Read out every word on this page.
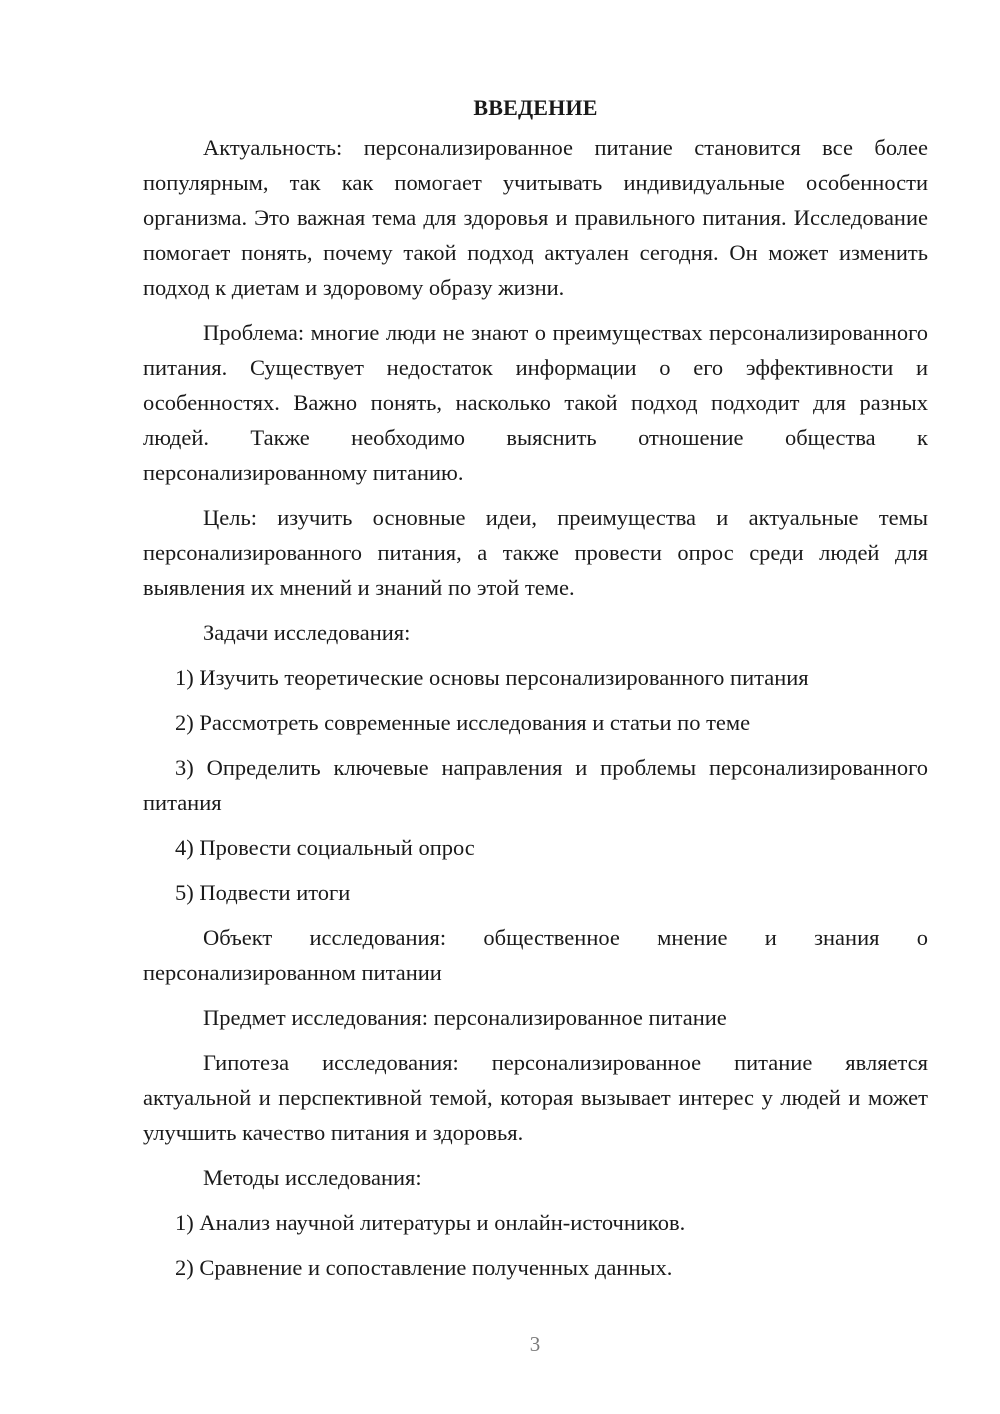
ВВЕДЕНИЕ

Актуальность: персонализированное питание становится все более популярным, так как помогает учитывать индивидуальные особенности организма. Это важная тема для здоровья и правильного питания. Исследование помогает понять, почему такой подход актуален сегодня. Он может изменить подход к диетам и здоровому образу жизни.

Проблема: многие люди не знают о преимуществах персонализированного питания. Существует недостаток информации о его эффективности и особенностях. Важно понять, насколько такой подход подходит для разных людей. Также необходимо выяснить отношение общества к персонализированному питанию.

Цель: изучить основные идеи, преимущества и актуальные темы персонализированного питания, а также провести опрос среди людей для выявления их мнений и знаний по этой теме.

Задачи исследования:

1) Изучить теоретические основы персонализированного питания

2) Рассмотреть современные исследования и статьи по теме

3) Определить ключевые направления и проблемы персонализированного питания

4) Провести социальный опрос

5) Подвести итоги

Объект исследования: общественное мнение и знания о персонализированном питании

Предмет исследования: персонализированное питание

Гипотеза исследования: персонализированное питание является актуальной и перспективной темой, которая вызывает интерес у людей и может улучшить качество питания и здоровья.

Методы исследования:

1) Анализ научной литературы и онлайн-источников.

2) Сравнение и сопоставление полученных данных.

3
